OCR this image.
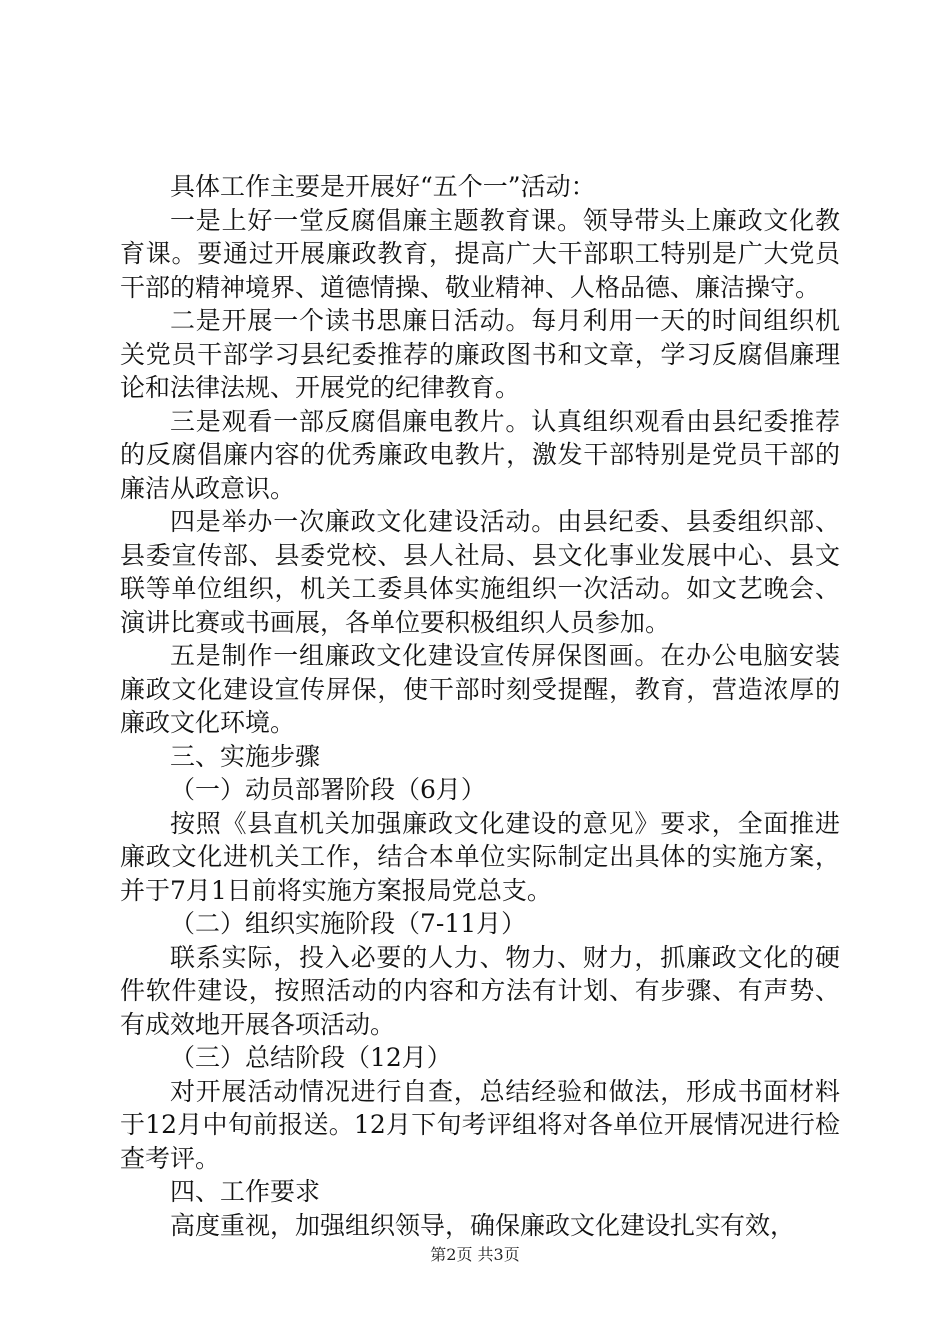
具体工作主要是开展好“五个一”活动：

一是上好一堂反腐倡廉主题教育课。领导带头上廉政文化教育课。要通过开展廉政教育，提高广大干部职工特别是广大党员干部的精神境界、道德情操、敬业精神、人格品德、廉洁操守。

二是开展一个读书思廉日活动。每月利用一天的时间组织机关党员干部学习县纪委推荐的廉政图书和文章，学习反腐倡廉理论和法律法规、开展党的纪律教育。

三是观看一部反腐倡廉电教片。认真组织观看由县纪委推荐的反腐倡廉内容的优秀廉政电教片，激发干部特别是党员干部的廉洁从政意识。

四是举办一次廉政文化建设活动。由县纪委、县委组织部、县委宣传部、县委党校、县人社局、县文化事业发展中心、县文联等单位组织，机关工委具体实施组织一次活动。如文艺晚会、演讲比赛或书画展，各单位要积极组织人员参加。

五是制作一组廉政文化建设宣传屏保图画。在办公电脑安装廉政文化建设宣传屏保，使干部时刻受提醒，教育，营造浓厚的廉政文化环境。

三、实施步骤

（一）动员部署阶段（6月）

按照《县直机关加强廉政文化建设的意见》要求，全面推进廉政文化进机关工作，结合本单位实际制定出具体的实施方案，并于7月1日前将实施方案报局党总支。

（二）组织实施阶段（7-11月）

联系实际，投入必要的人力、物力、财力，抓廉政文化的硬件软件建设，按照活动的内容和方法有计划、有步骤、有声势、有成效地开展各项活动。

（三）总结阶段（12月）

对开展活动情况进行自查，总结经验和做法，形成书面材料于12月中旬前报送。12月下旬考评组将对各单位开展情况进行检查考评。

四、工作要求

高度重视，加强组织领导，确保廉政文化建设扎实有效，

第2页 共3页
